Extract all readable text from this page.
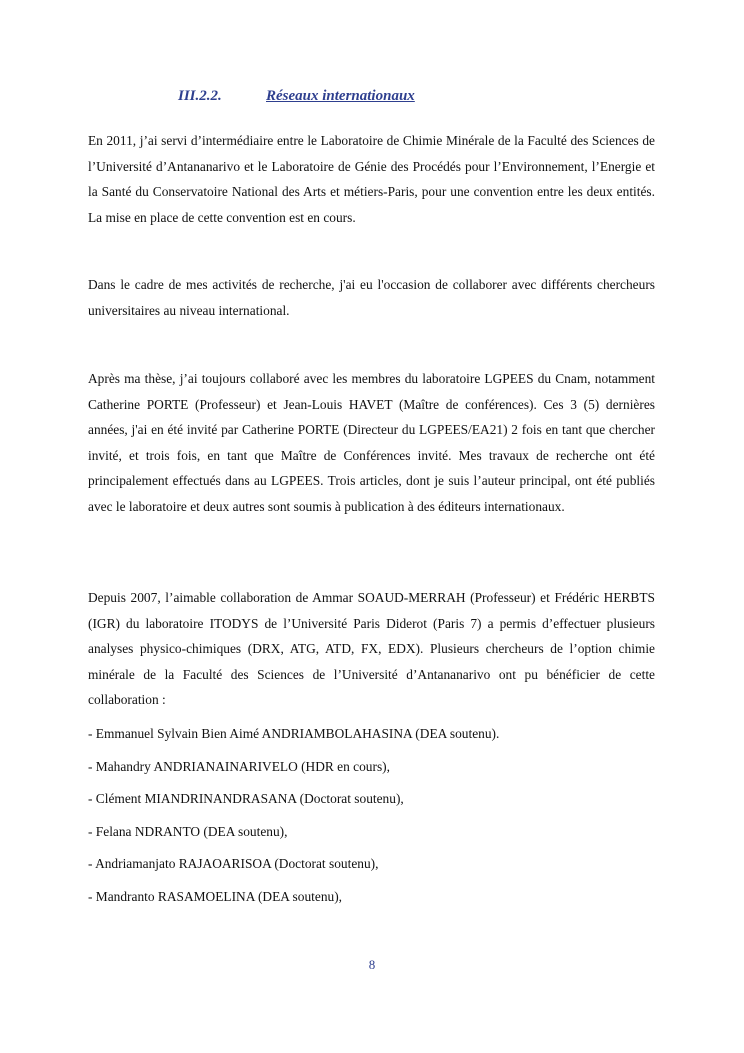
III.2.2.	Réseaux internationaux
En 2011, j’ai servi d’intermédiaire entre le Laboratoire de Chimie Minérale de la Faculté des Sciences de l’Université d’Antananarivo et le Laboratoire de Génie des Procédés pour l’Environnement, l’Energie et la Santé du Conservatoire National des Arts et métiers-Paris, pour une convention entre les deux entités. La mise en place de cette convention est en cours.
Dans le cadre de mes activités de recherche, j'ai eu l'occasion de collaborer avec différents chercheurs universitaires au niveau international.
Après ma thèse, j’ai toujours collaboré avec les membres du laboratoire LGPEES du Cnam, notamment Catherine PORTE (Professeur) et Jean-Louis HAVET (Maître de conférences). Ces 3 (5) dernières années, j'ai en été invité par Catherine PORTE (Directeur du LGPEES/EA21) 2 fois en tant que chercher invité, et trois fois, en tant que Maître de Conférences invité. Mes travaux de recherche ont été principalement effectués dans au LGPEES. Trois articles, dont je suis l’auteur principal, ont été publiés avec le laboratoire et deux autres sont soumis à publication à des éditeurs internationaux.
Depuis 2007, l’aimable collaboration de Ammar SOAUD-MERRAH (Professeur) et Frédéric HERBTS (IGR) du laboratoire ITODYS de l’Université Paris Diderot (Paris 7) a permis d’effectuer plusieurs analyses physico-chimiques (DRX, ATG, ATD, FX, EDX). Plusieurs chercheurs de l’option chimie minérale de la Faculté des Sciences de l’Université d’Antananarivo ont pu bénéficier de cette collaboration :
- Emmanuel Sylvain Bien Aimé ANDRIAMBOLAHASINA (DEA soutenu).
- Mahandry ANDRIANAINARIVELO (HDR en cours),
- Clément MIANDRINANDRASANA (Doctorat soutenu),
- Felana NDRANTO (DEA soutenu),
- Andriamanjato RAJAOARISOA (Doctorat soutenu),
- Mandranto RASAMOELINA (DEA soutenu),
8
